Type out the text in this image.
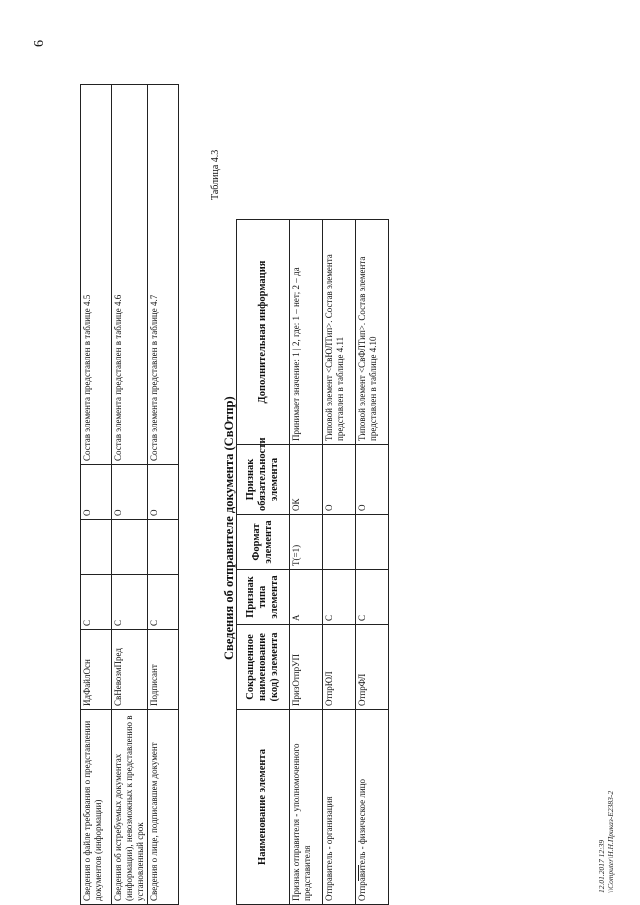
6
Сведения о файле требования о представлении документов (информации)	ИдФайлОсн	С		О	Состав элемента представлен в таблице 4.5
Сведения об истребуемых документах (информации), невозможных к представлению в установленный срок	СвНевозмПред	С		О	Состав элемента представлен в таблице 4.6
Сведения о лице, подписавшем документ	Подписант	С		О	Состав элемента представлен в таблице 4.7
Таблица 4.3
Сведения об отправителе документа (СвОтпр)
Наименование элемента	Сокращенное наименование (код) элемента	Признак типа элемента	Формат элемента	Признак обязательности элемента	Дополнительная информация
Признак отправителя - уполномоченного представителя	ПризОтпрУП	А	T(=1)	ОК	Принимает значение: 1 | 2, где: 1 – нет; 2 – да
Отправитель - организация	ОтпрЮЛ	С		О	Типовой элемент <СвЮЛТип>. Состав элемента представлен в таблице 4.11
Отправитель - физическое лицо	ОтпрФЛ	С		О	Типовой элемент <СвФЛТип>. Состав элемента представлен в таблице 4.10
12.01.2017 12:39 \\Computer\Н.Н.Приказ-E2383-2
